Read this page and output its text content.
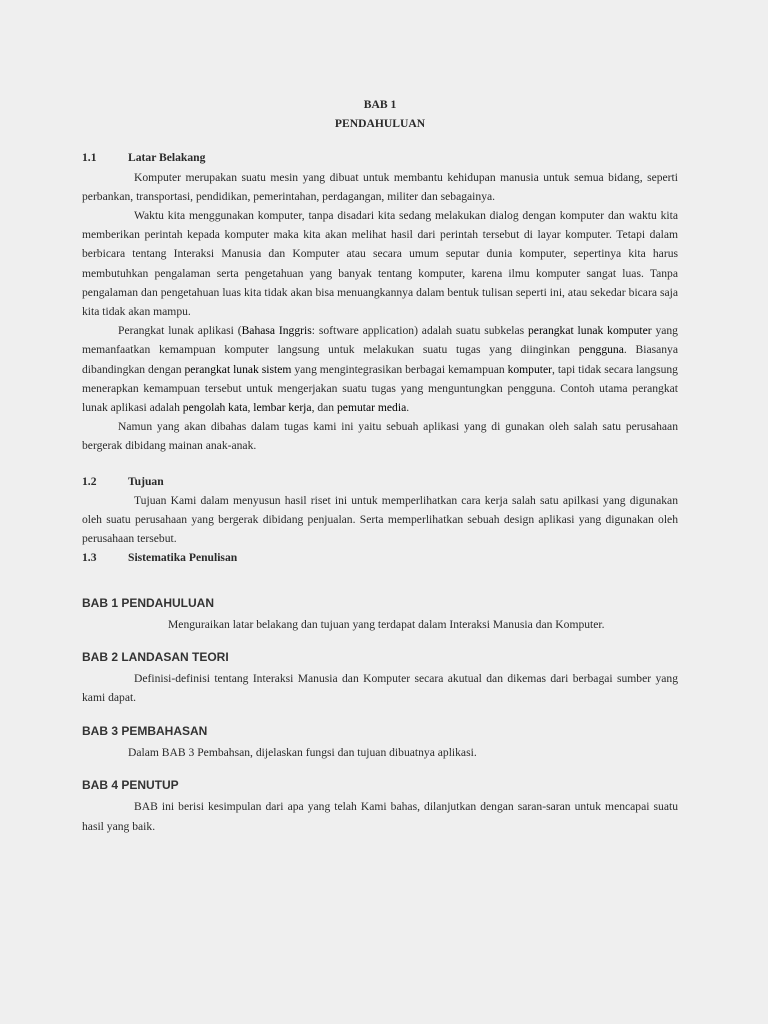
BAB 1
PENDAHULUAN
1.1	Latar Belakang

Komputer merupakan suatu mesin yang dibuat untuk membantu kehidupan manusia untuk semua bidang, seperti perbankan, transportasi, pendidikan, pemerintahan, perdagangan, militer dan sebagainya.

Waktu kita menggunakan komputer, tanpa disadari kita sedang melakukan dialog dengan komputer dan waktu kita memberikan perintah kepada komputer maka kita akan melihat hasil dari perintah tersebut di layar komputer. Tetapi dalam berbicara tentang Interaksi Manusia dan Komputer atau secara umum seputar dunia komputer, sepertinya kita harus membutuhkan pengalaman serta pengetahuan yang banyak tentang komputer, karena ilmu komputer sangat luas. Tanpa pengalaman dan pengetahuan luas kita tidak akan bisa menuangkannya dalam bentuk tulisan seperti ini, atau sekedar bicara saja kita tidak akan mampu.

Perangkat lunak aplikasi (Bahasa Inggris: software application) adalah suatu subkelas perangkat lunak komputer yang memanfaatkan kemampuan komputer langsung untuk melakukan suatu tugas yang diinginkan pengguna. Biasanya dibandingkan dengan perangkat lunak sistem yang mengintegrasikan berbagai kemampuan komputer, tapi tidak secara langsung menerapkan kemampuan tersebut untuk mengerjakan suatu tugas yang menguntungkan pengguna. Contoh utama perangkat lunak aplikasi adalah pengolah kata, lembar kerja, dan pemutar media.

Namun yang akan dibahas dalam tugas kami ini yaitu sebuah aplikasi yang di gunakan oleh salah satu perusahaan bergerak dibidang mainan anak-anak.

1.2	Tujuan

Tujuan Kami dalam menyusun hasil riset ini untuk memperlihatkan cara kerja salah satu apilkasi yang digunakan oleh suatu perusahaan yang bergerak dibidang penjualan. Serta memperlihatkan sebuah design aplikasi yang digunakan oleh perusahaan tersebut.

1.3	Sistematika Penulisan
BAB 1 PENDAHULUAN

Menguraikan latar belakang dan tujuan yang terdapat dalam Interaksi Manusia dan Komputer.

BAB 2 LANDASAN TEORI

Definisi-definisi tentang Interaksi Manusia dan Komputer secara akutual dan dikemas dari berbagai sumber yang kami dapat.

BAB 3 PEMBAHASAN

Dalam BAB 3 Pembahsan, dijelaskan fungsi dan tujuan dibuatnya aplikasi.

BAB 4 PENUTUP

BAB ini berisi kesimpulan dari apa yang telah Kami bahas, dilanjutkan dengan saran-saran untuk mencapai suatu hasil yang baik.
